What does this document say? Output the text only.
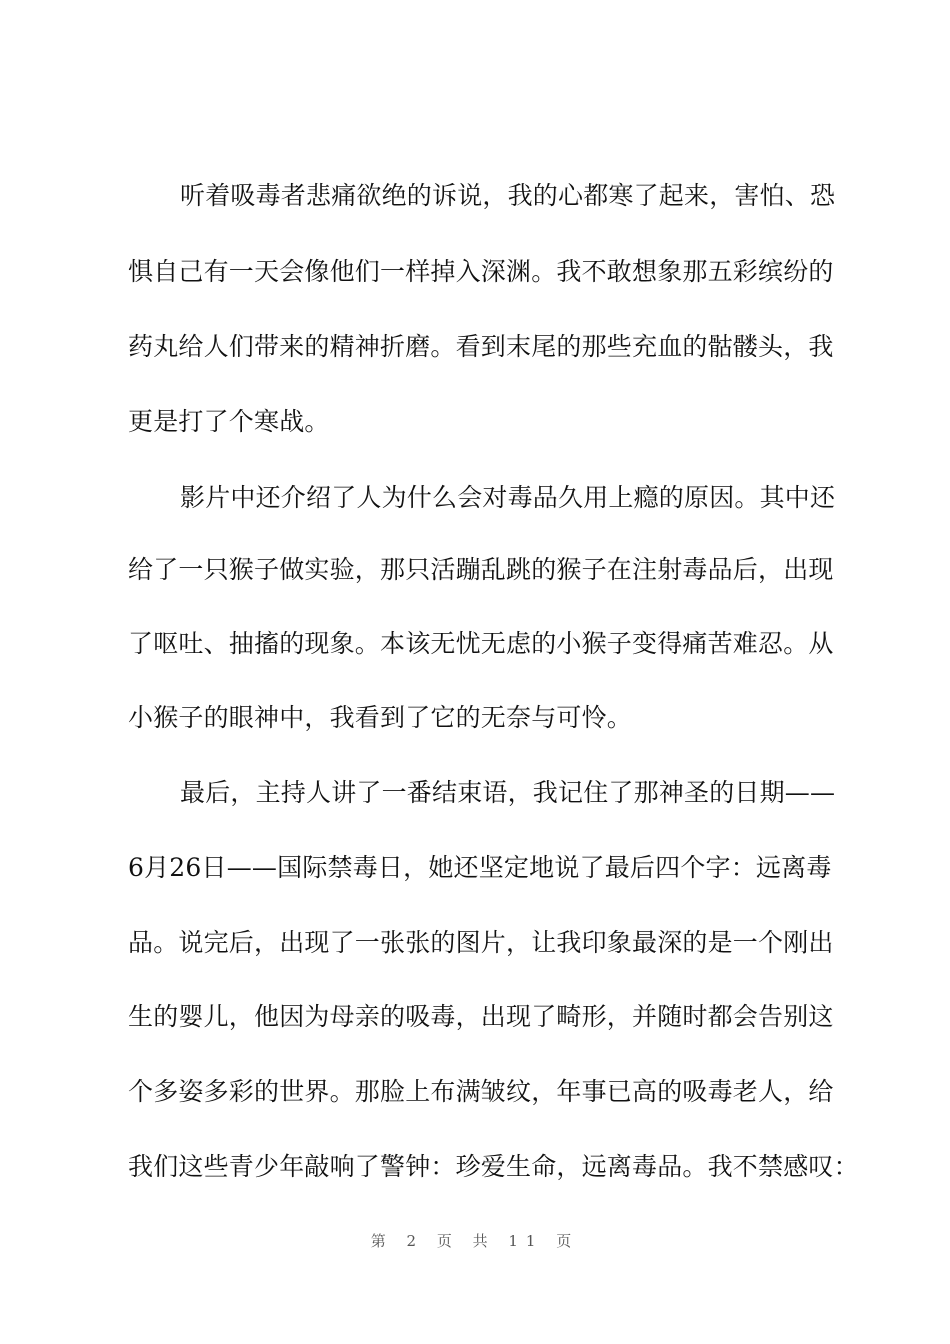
听着吸毒者悲痛欲绝的诉说，我的心都寒了起来，害怕、恐
惧自己有一天会像他们一样掉入深渊。我不敢想象那五彩缤纷的
药丸给人们带来的精神折磨。看到末尾的那些充血的骷髅头，我
更是打了个寒战。
影片中还介绍了人为什么会对毒品久用上瘾的原因。其中还
给了一只猴子做实验，那只活蹦乱跳的猴子在注射毒品后，出现
了呕吐、抽搐的现象。本该无忧无虑的小猴子变得痛苦难忍。从
小猴子的眼神中，我看到了它的无奈与可怜。
最后，主持人讲了一番结束语，我记住了那神圣的日期——
6月26日——国际禁毒日，她还坚定地说了最后四个字：远离毒
品。说完后，出现了一张张的图片，让我印象最深的是一个刚出
生的婴儿，他因为母亲的吸毒，出现了畸形，并随时都会告别这
个多姿多彩的世界。那脸上布满皱纹，年事已高的吸毒老人，给
我们这些青少年敲响了警钟：珍爱生命，远离毒品。我不禁感叹：
第 2 页 共 11 页
